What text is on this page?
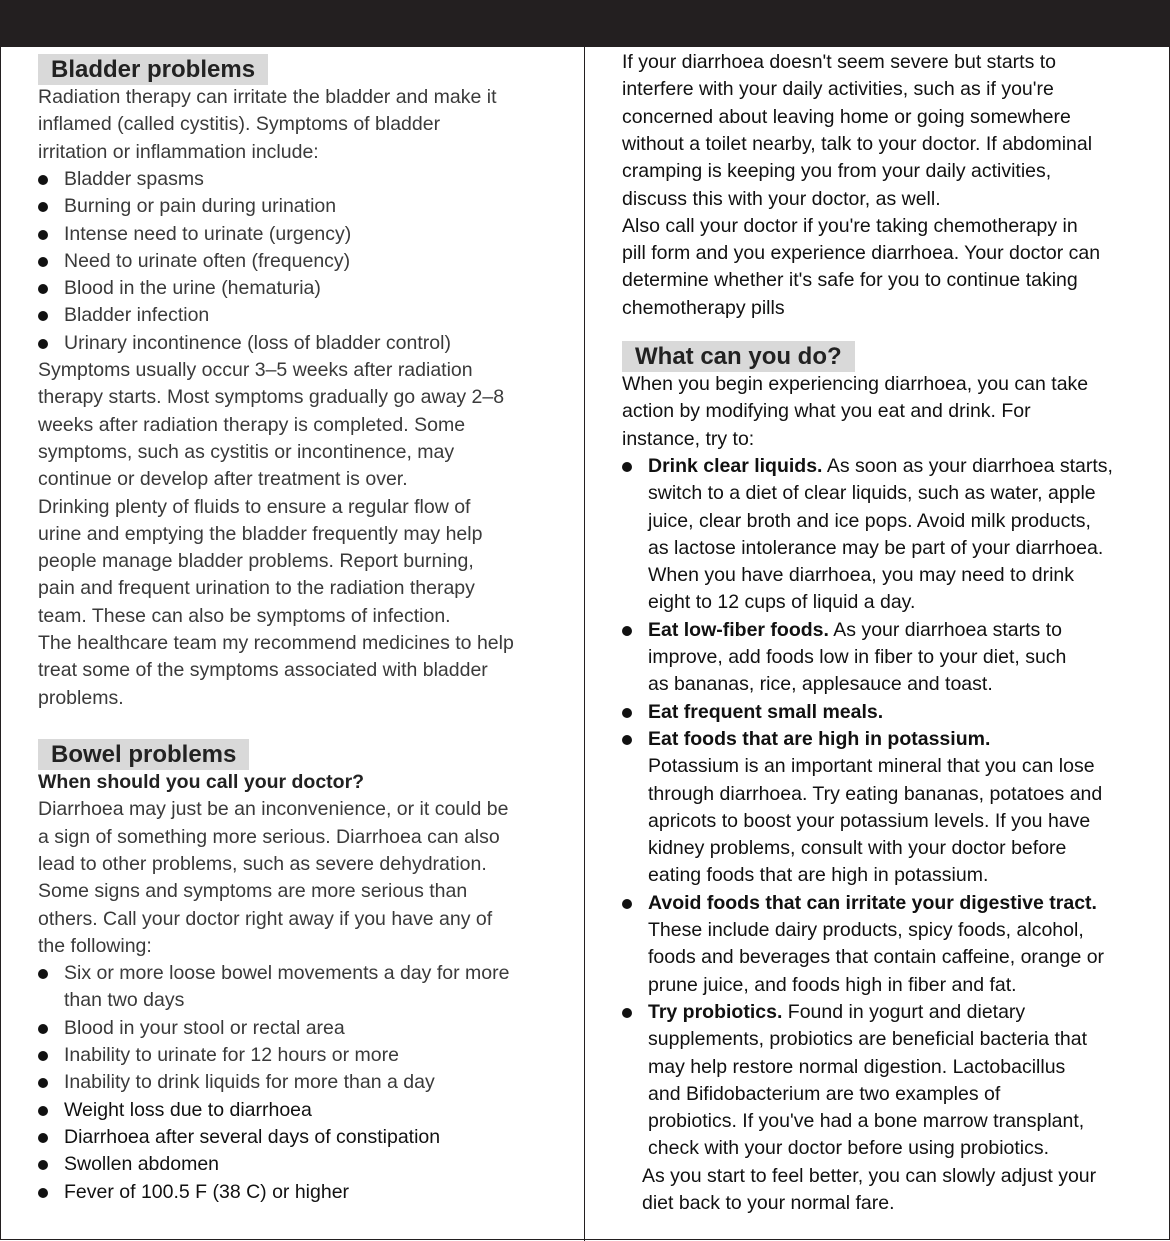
Bladder problems
Radiation therapy can irritate the bladder and make it
inflamed (called cystitis). Symptoms of bladder
irritation or inflammation include:
Bladder spasms
Burning or pain during urination
Intense need to urinate (urgency)
Need to urinate often (frequency)
Blood in the urine (hematuria)
Bladder infection
Urinary incontinence (loss of bladder control)
Symptoms usually occur 3–5 weeks after radiation
therapy starts. Most symptoms gradually go away 2–8
weeks after radiation therapy is completed. Some
symptoms, such as cystitis or incontinence, may
continue or develop after treatment is over.
Drinking plenty of fluids to ensure a regular flow of
urine and emptying the bladder frequently may help
people manage bladder problems. Report burning,
pain and frequent urination to the radiation therapy
team. These can also be symptoms of infection.
The healthcare team my recommend medicines to help
treat some of the symptoms associated with bladder
problems.
Bowel problems
When should you call your doctor?
Diarrhoea may just be an inconvenience, or it could be
a sign of something more serious. Diarrhoea can also
lead to other problems, such as severe dehydration.
Some signs and symptoms are more serious than
others. Call your doctor right away if you have any of
the following:
Six or more loose bowel movements a day for more
than two days
Blood in your stool or rectal area
Inability to urinate for 12 hours or more
Inability to drink liquids for more than a day
Weight loss due to diarrhoea
Diarrhoea after several days of constipation
Swollen abdomen
Fever of 100.5 F (38 C) or higher
If your diarrhoea doesn't seem severe but starts to
interfere with your daily activities, such as if you're
concerned about leaving home or going somewhere
without a toilet nearby, talk to your doctor. If abdominal
cramping is keeping you from your daily activities,
discuss this with your doctor, as well.
Also call your doctor if you're taking chemotherapy in
pill form and you experience diarrhoea. Your doctor can
determine whether it's safe for you to continue taking
chemotherapy pills
What can you do?
When you begin experiencing diarrhoea, you can take
action by modifying what you eat and drink. For
instance, try to:
Drink clear liquids. As soon as your diarrhoea starts,
switch to a diet of clear liquids, such as water, apple
juice, clear broth and ice pops. Avoid milk products,
as lactose intolerance may be part of your diarrhoea.
When you have diarrhoea, you may need to drink
eight to 12 cups of liquid a day.
Eat low-fiber foods. As your diarrhoea starts to
improve, add foods low in fiber to your diet, such
as bananas, rice, applesauce and toast.
Eat frequent small meals.
Eat foods that are high in potassium.
Potassium is an important mineral that you can lose
through diarrhoea. Try eating bananas, potatoes and
apricots to boost your potassium levels. If you have
kidney problems, consult with your doctor before
eating foods that are high in potassium.
Avoid foods that can irritate your digestive tract.
These include dairy products, spicy foods, alcohol,
foods and beverages that contain caffeine, orange or
prune juice, and foods high in fiber and fat.
Try probiotics. Found in yogurt and dietary
supplements, probiotics are beneficial bacteria that
may help restore normal digestion. Lactobacillus
and Bifidobacterium are two examples of
probiotics. If you've had a bone marrow transplant,
check with your doctor before using probiotics.
As you start to feel better, you can slowly adjust your
diet back to your normal fare.
